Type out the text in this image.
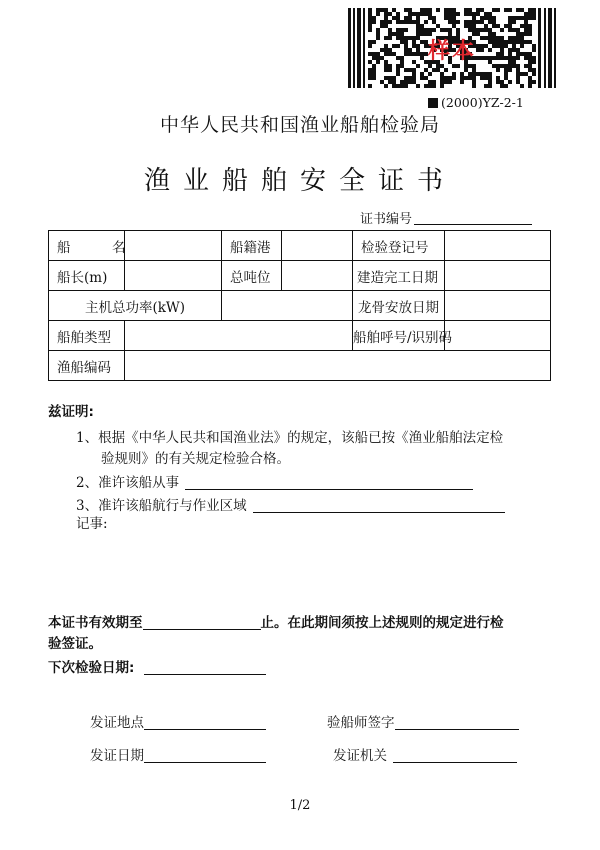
样本
(2000)YZ-2-1
中华人民共和国渔业船舶检验局
渔业船舶安全证书
证书编号
船　名		船籍港		检验登记号	
船长(m)		总吨位		建造完工日期	
主机总功率(kW)				龙骨安放日期	
船舶类型				船舶呼号/识别码	
渔船编码					
兹证明:
1、根据《中华人民共和国渔业法》的规定，该船已按《渔业船舶法定检
验规则》的有关规定检验合格。
2、准许该船从事
3、准许该船航行与作业区域
记事:
本证书有效期至	止。在此期间须按上述规则的规定进行检
验签证。
下次检验日期:
发证地点	验船师签字
发证日期	发证机关
1/2
